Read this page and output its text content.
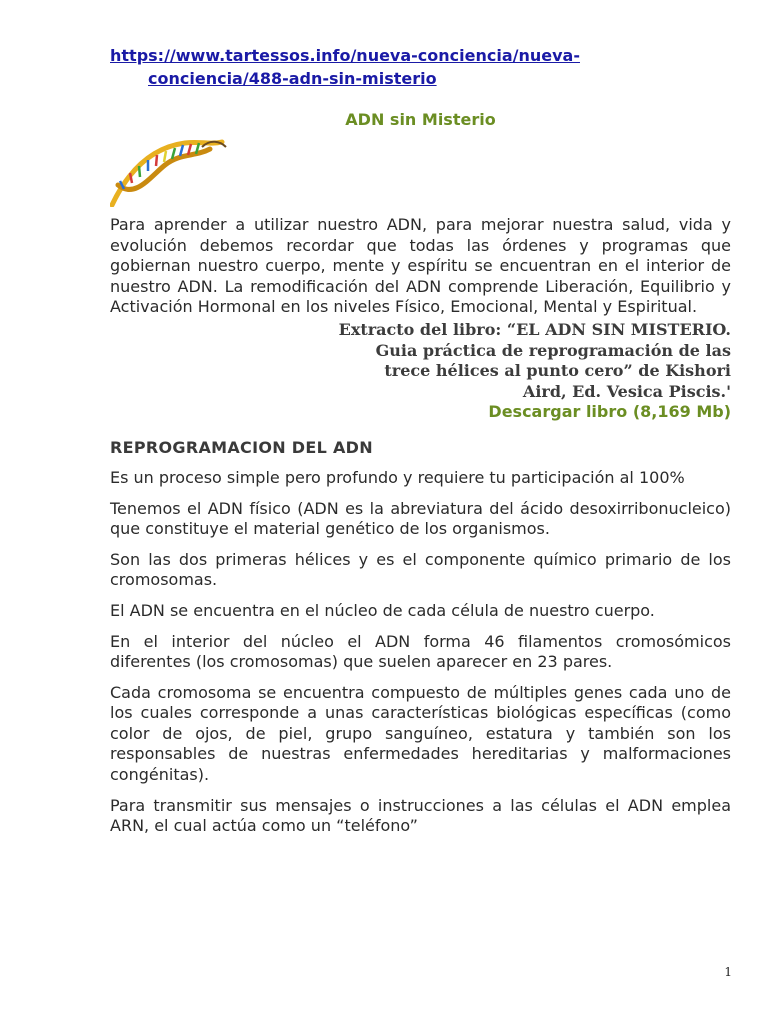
https://www.tartessos.info/nueva-conciencia/nueva-
conciencia/488-adn-sin-misterio
ADN sin Misterio

Para aprender a utilizar nuestro ADN, para mejorar nuestra salud, vida y evolución debemos recordar que todas las órdenes y programas que gobiernan nuestro cuerpo, mente y espíritu se encuentran en el interior de nuestro ADN. La remodificación del ADN comprende Liberación, Equilibrio y Activación Hormonal en los niveles Físico, Emocional, Mental y Espiritual.

Extracto del libro: “EL ADN SIN MISTERIO.
Guia práctica de reprogramación de las
trece hélices al punto cero” de Kishori
Aird, Ed. Vesica Piscis.'
Descargar libro (8,169 Mb)
REPROGRAMACION DEL ADN

Es un proceso simple pero profundo y requiere tu participación al 100%

Tenemos el ADN físico (ADN es la abreviatura del ácido desoxirribonucleico) que constituye el material genético de los organismos.

Son las dos primeras hélices y es el componente químico primario de los cromosomas.

El ADN se encuentra en el núcleo de cada célula de nuestro cuerpo.

En el interior del núcleo el ADN forma 46 filamentos cromosómicos diferentes (los cromosomas) que suelen aparecer en 23 pares.

Cada cromosoma se encuentra compuesto de múltiples genes cada uno de los cuales corresponde a unas características biológicas específicas (como color de ojos, de piel, grupo sanguíneo, estatura y también son los responsables de nuestras enfermedades hereditarias y malformaciones congénitas).

Para transmitir sus mensajes o instrucciones a las células el ADN emplea ARN, el cual actúa como un “teléfono”

1
